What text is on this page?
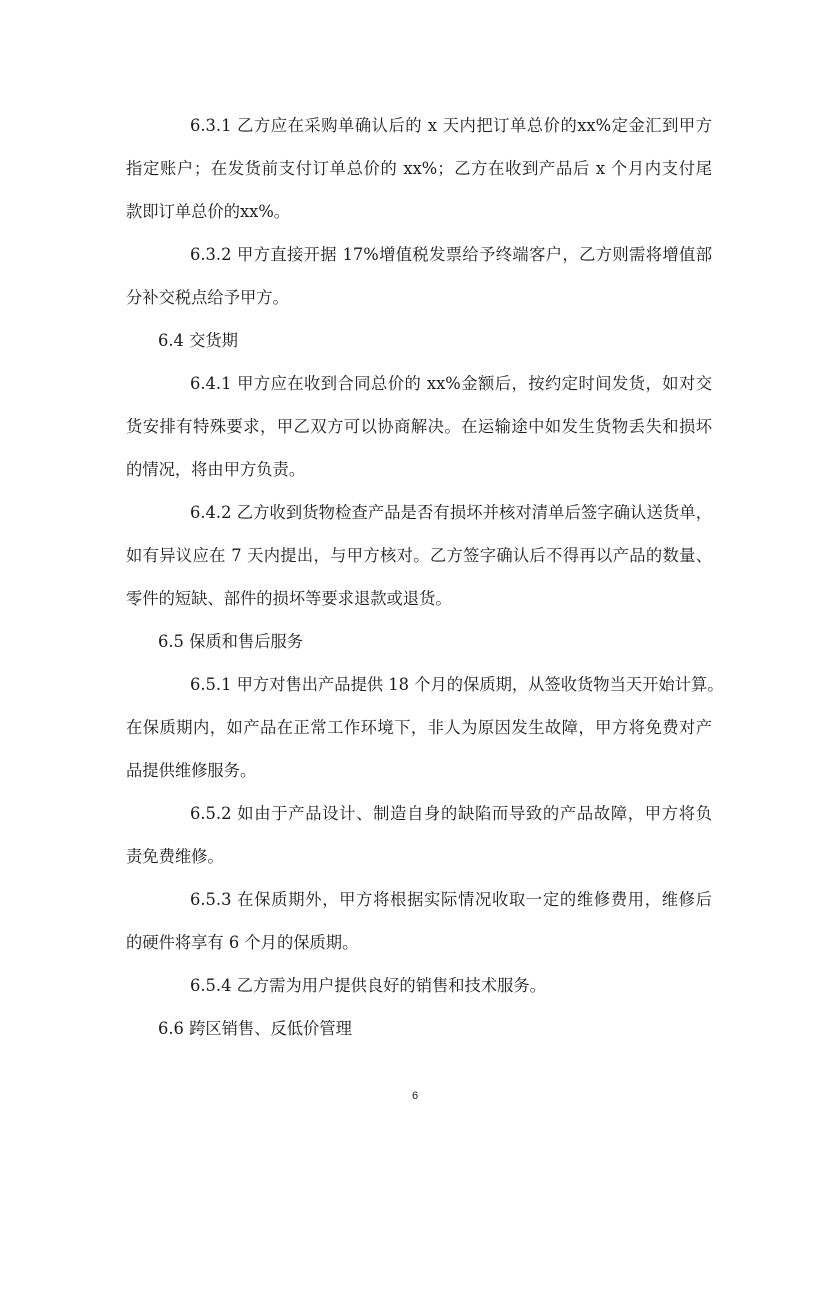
6.3.1 乙方应在采购单确认后的 x 天内把订单总价的xx%定金汇到甲方
指定账户；在发货前支付订单总价的 xx%；乙方在收到产品后 x 个月内支付尾
款即订单总价的xx%。
6.3.2 甲方直接开据 17%增值税发票给予终端客户，乙方则需将增值部
分补交税点给予甲方。
6.4 交货期
6.4.1 甲方应在收到合同总价的 xx%金额后，按约定时间发货，如对交
货安排有特殊要求，甲乙双方可以协商解决。在运输途中如发生货物丢失和损坏
的情况，将由甲方负责。
6.4.2 乙方收到货物检查产品是否有损坏并核对清单后签字确认送货单，
如有异议应在 7 天内提出，与甲方核对。乙方签字确认后不得再以产品的数量、
零件的短缺、部件的损坏等要求退款或退货。
6.5 保质和售后服务
6.5.1 甲方对售出产品提供 18 个月的保质期，从签收货物当天开始计算。
在保质期内，如产品在正常工作环境下，非人为原因发生故障，甲方将免费对产
品提供维修服务。
6.5.2 如由于产品设计、制造自身的缺陷而导致的产品故障，甲方将负
责免费维修。
6.5.3 在保质期外，甲方将根据实际情况收取一定的维修费用，维修后
的硬件将享有 6 个月的保质期。
6.5.4 乙方需为用户提供良好的销售和技术服务。
6.6 跨区销售、反低价管理
6
